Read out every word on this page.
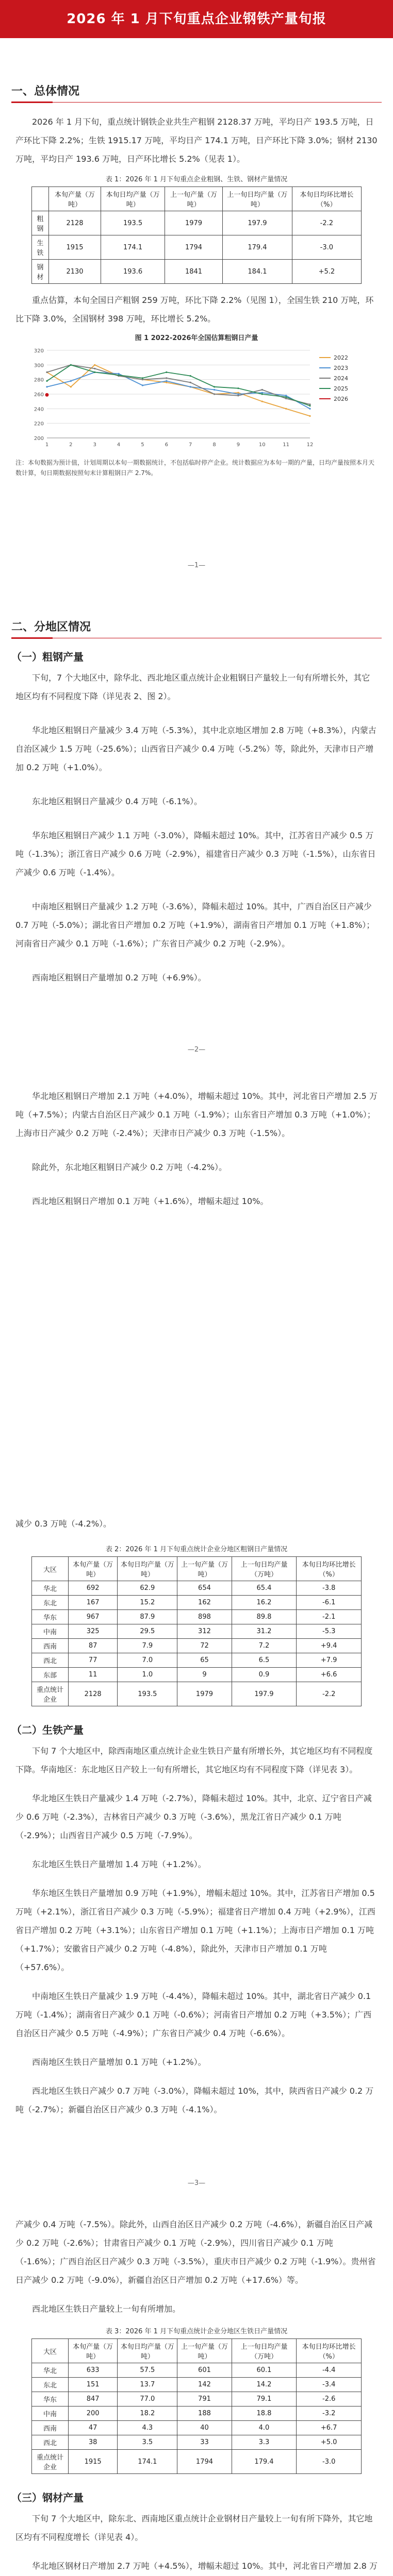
2026 年 1 月下旬重点企业钢铁产量旬报
一、总体情况
2026 年 1 月下旬，重点统计钢铁企业共生产粗钢 2128.37 万吨，平均日产 193.5 万吨，日产环比下降 2.2%；生铁 1915.17 万吨，平均日产 174.1 万吨，日产环比下降 3.0%；钢材 2130 万吨，平均日产 193.6 万吨，日产环比增长 5.2%（见表 1）。
表 1：2026 年 1 月下旬重点企业粗钢、生铁、钢材产量情况
	本旬产量（万吨）	本旬日均产量（万吨）	上一旬产量（万吨）	上一旬日均产量（万吨）	本旬日均环比增长（%）
粗钢	2128	193.5	1979	197.9	-2.2
生铁	1915	174.1	1794	179.4	-3.0
钢材	2130	193.6	1841	184.1	+5.2
重点估算，本旬全国日产粗钢 259 万吨，环比下降 2.2%（见图 1），全国生铁 210 万吨，环比下降 3.0%，全国钢材 398 万吨，环比增长 5.2%。
图 1 2022-2026年全国估算粗钢日产量
200
220
240
260
280
300
320
1	2	3	4	5	6	7	8	9	10	11	12
2022
2023
2024
2025
2026
注：本旬数据为预计值，计划周期以本旬一期数据统计，不包括临时停产企业。统计数据应为本旬一期的产量，日均产量按照本月天数计算，旬日期数据按照旬末计算粗钢日产 2.7%。
—1—
二、分地区情况
（一）粗钢产量
下旬，7 个大地区中，除华北、西北地区重点统计企业粗钢日产量较上一旬有所增长外，其它地区均有不同程度下降（详见表 2、图 2）。
华北地区粗钢日产量减少 3.4 万吨（-5.3%），其中北京地区增加 2.8 万吨（+8.3%），内蒙古自治区减少 1.5 万吨（-25.6%）；山西省日产减少 0.4 万吨（-5.2%）等，除此外，天津市日产增加 0.2 万吨（+1.0%）。
东北地区粗钢日产量减少 0.4 万吨（-6.1%）。
华东地区粗钢日产减少 1.1 万吨（-3.0%），降幅未超过 10%。其中，江苏省日产减少 0.5 万吨（-1.3%）；浙江省日产减少 0.6 万吨（-2.9%），福建省日产减少 0.3 万吨（-1.5%），山东省日产减少 0.6 万吨（-1.4%）。
中南地区粗钢日产量减少 1.2 万吨（-3.6%），降幅未超过 10%。其中，广西自治区日产减少 0.7 万吨（-5.0%）；湖北省日产增加 0.2 万吨（+1.9%），湖南省日产增加 0.1 万吨（+1.8%）；河南省日产减少 0.1 万吨（-1.6%）；广东省日产减少 0.2 万吨（-2.9%）。
西南地区粗钢日产量增加 0.2 万吨（+6.9%）。
—2—
华北地区粗钢日产增加 2.1 万吨（+4.0%），增幅未超过 10%。其中，河北省日产增加 2.5 万吨（+7.5%）；内蒙古自治区日产减少 0.1 万吨（-1.9%）；山东省日产增加 0.3 万吨（+1.0%）；上海市日产减少 0.2 万吨（-2.4%）；天津市日产减少 0.3 万吨（-1.5%）。
除此外，东北地区粗钢日产减少 0.2 万吨（-4.2%）。
西北地区粗钢日产增加 0.1 万吨（+1.6%），增幅未超过 10%。
减少 0.3 万吨（-4.2%）。
表 2：2026 年 1 月下旬重点统计企业分地区粗钢日产量情况
大区	本旬产量（万吨）	本旬日均产量（万吨）	上一旬产量（万吨）	上一旬日均产量（万吨）	本旬日均环比增长（%）
华北	692	62.9	654	65.4	-3.8
东北	167	15.2	162	16.2	-6.1
华东	967	87.9	898	89.8	-2.1
中南	325	29.5	312	31.2	-5.3
西南	87	7.9	72	7.2	+9.4
西北	77	7.0	65	6.5	+7.9
东部	11	1.0	9	0.9	+6.6
重点统计企业	2128	193.5	1979	197.9	-2.2
（二）生铁产量
下旬 7 个大地区中，除西南地区重点统计企业生铁日产量有所增长外，其它地区均有不同程度下降。华南地区：东北地区日产较上一旬有所增长，其它地区均有不同程度下降（详见表 3）。
华北地区生铁日产量减少 1.4 万吨（-2.7%），降幅未超过 10%。其中，北京、辽宁省日产减少 0.6 万吨（-2.3%），吉林省日产减少 0.3 万吨（-3.6%），黑龙江省日产减少 0.1 万吨（-2.9%）；山西省日产减少 0.5 万吨（-7.9%）。
东北地区生铁日产量增加 1.4 万吨（+1.2%）。
华东地区生铁日产量增加 0.9 万吨（+1.9%），增幅未超过 10%。其中，江苏省日产增加 0.5 万吨（+2.1%），浙江省日产减少 0.3 万吨（-5.9%）；福建省日产增加 0.4 万吨（+2.9%），江西省日产增加 0.2 万吨（+3.1%）；山东省日产增加 0.1 万吨（+1.1%）；上海市日产增加 0.1 万吨（+1.7%）；安徽省日产减少 0.2 万吨（-4.8%），除此外，天津市日产增加 0.1 万吨（+57.6%）。
中南地区生铁日产量减少 1.9 万吨（-4.4%），降幅未超过 10%。其中，湖北省日产减少 0.1 万吨（-1.4%）；湖南省日产减少 0.1 万吨（-0.6%）；河南省日产增加 0.2 万吨（+3.5%）；广西自治区日产减少 0.5 万吨（-4.9%）；广东省日产减少 0.4 万吨（-6.6%）。
西南地区生铁日产量增加 0.1 万吨（+1.2%）。
西北地区生铁日产减少 0.7 万吨（-3.0%），降幅未超过 10%，其中，陕西省日产减少 0.2 万吨（-2.7%）；新疆自治区日产减少 0.3 万吨（-4.1%）。
—3—
产减少 0.4 万吨（-7.5%）。除此外，山西自治区日产减少 0.2 万吨（-4.6%），新疆自治区日产减少 0.2 万吨（-2.6%）；甘肃省日产减少 0.1 万吨（-2.9%），四川省日产减少 0.1 万吨（-1.6%）；广西自治区日产减少 0.3 万吨（-3.5%），重庆市日产减少 0.2 万吨（-1.9%）。贵州省日产减少 0.2 万吨（-9.0%），新疆自治区日产增加 0.2 万吨（+17.6%）等。
西北地区生铁日产量较上一旬有所增加。
表 3：2026 年 1 月下旬重点统计企业分地区生铁日产量情况
大区	本旬产量（万吨）	本旬日均产量（万吨）	上一旬产量（万吨）	上一旬日均产量（万吨）	本旬日均环比增长（%）
华北	633	57.5	601	60.1	-4.4
东北	151	13.7	142	14.2	-3.4
华东	847	77.0	791	79.1	-2.6
中南	200	18.2	188	18.8	-3.2
西南	47	4.3	40	4.0	+6.7
西北	38	3.5	33	3.3	+5.0
重点统计企业	1915	174.1	1794	179.4	-3.0
（三）钢材产量
下旬 7 个大地区中，除东北、西南地区重点统计企业钢材日产量较上一旬有所下降外，其它地区均有不同程度增长（详见表 4）。
华北地区钢材日产增加 2.7 万吨（+4.5%），增幅未超过 10%。其中，河北省日产增加 2.8 万
